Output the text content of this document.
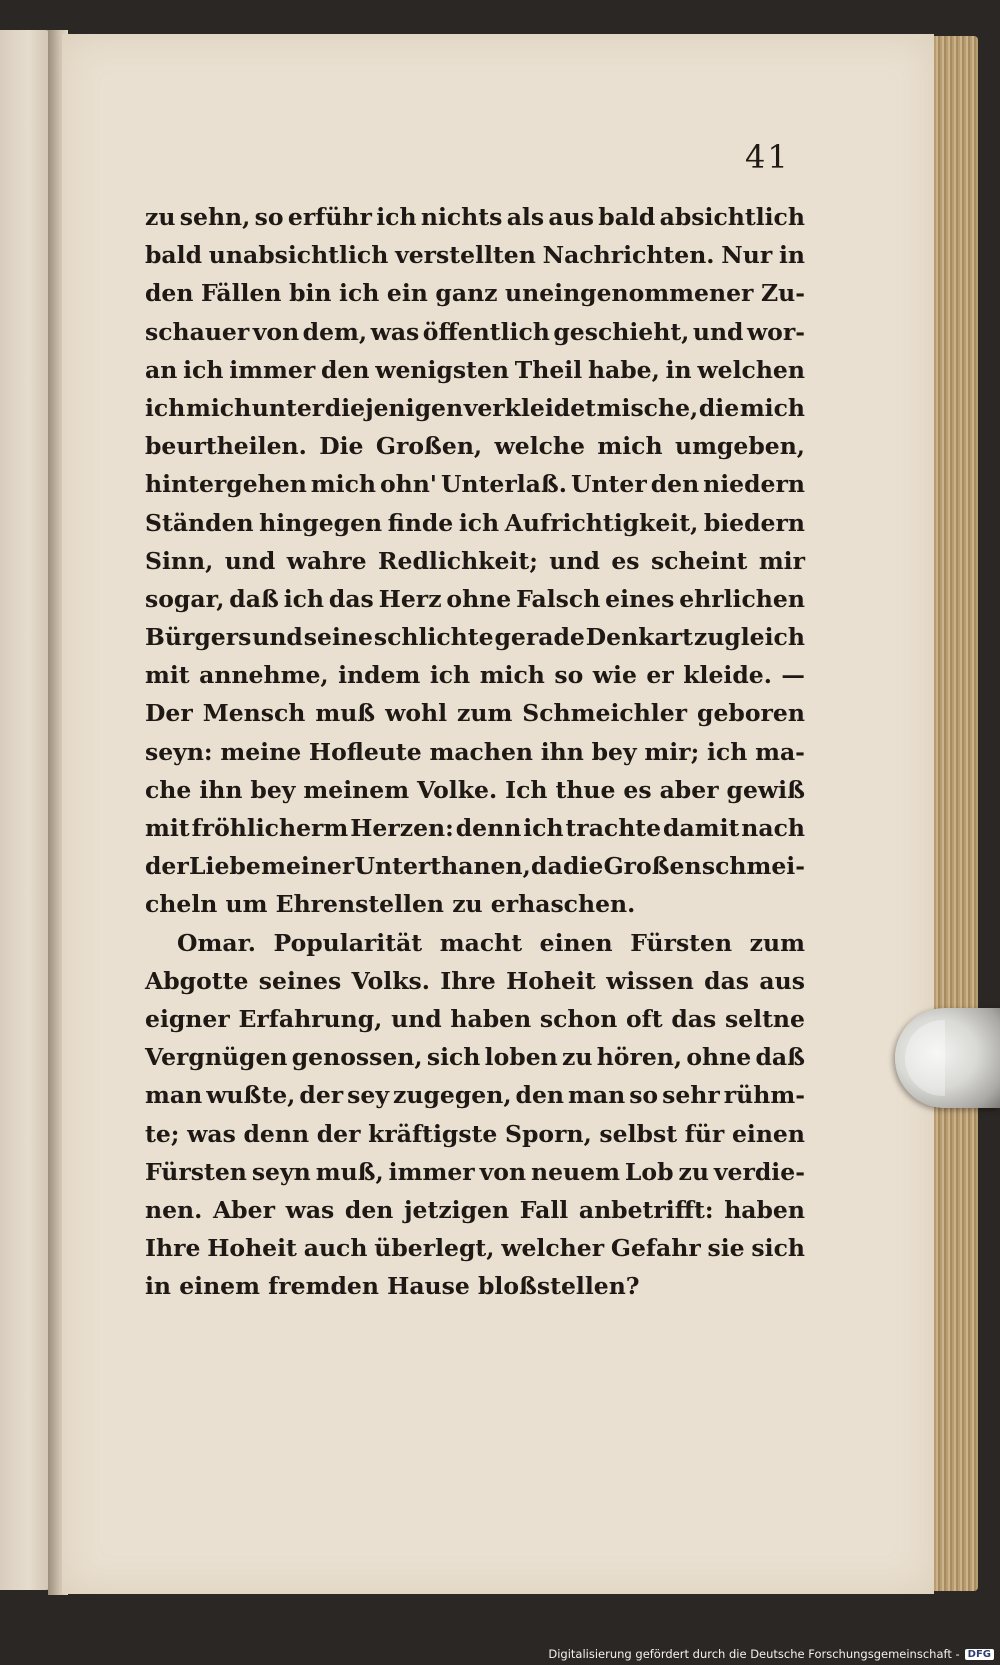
41
zu sehn, so erführ ich nichts als aus bald absichtlich
bald unabsichtlich verstellten Nachrichten. Nur in
den Fällen bin ich ein ganz uneingenommener Zu-
schauer von dem, was öffentlich geschieht, und wor-
an ich immer den wenigsten Theil habe, in welchen
ich mich unter diejenigen verkleidet mische, die mich
beurtheilen. Die Großen, welche mich umgeben,
hintergehen mich ohn' Unterlaß. Unter den niedern
Ständen hingegen finde ich Aufrichtigkeit, biedern
Sinn, und wahre Redlichkeit; und es scheint mir
sogar, daß ich das Herz ohne Falsch eines ehrlichen
Bürgers und seine schlichte gerade Denkart zugleich
mit annehme, indem ich mich so wie er kleide. —
Der Mensch muß wohl zum Schmeichler geboren
seyn: meine Hofleute machen ihn bey mir; ich ma-
che ihn bey meinem Volke. Ich thue es aber gewiß
mit fröhlicherm Herzen: denn ich trachte damit nach
der Liebe meiner Unterthanen, da die Großen schmei-
cheln um Ehrenstellen zu erhaschen.
Omar. Popularität macht einen Fürsten zum
Abgotte seines Volks. Ihre Hoheit wissen das aus
eigner Erfahrung, und haben schon oft das seltne
Vergnügen genossen, sich loben zu hören, ohne daß
man wußte, der sey zugegen, den man so sehr rühm-
te; was denn der kräftigste Sporn, selbst für einen
Fürsten seyn muß, immer von neuem Lob zu verdie-
nen. Aber was den jetzigen Fall anbetrifft: haben
Ihre Hoheit auch überlegt, welcher Gefahr sie sich
in einem fremden Hause bloßstellen?
Digitalisierung gefördert durch die Deutsche Forschungsgemeinschaft - DFG
